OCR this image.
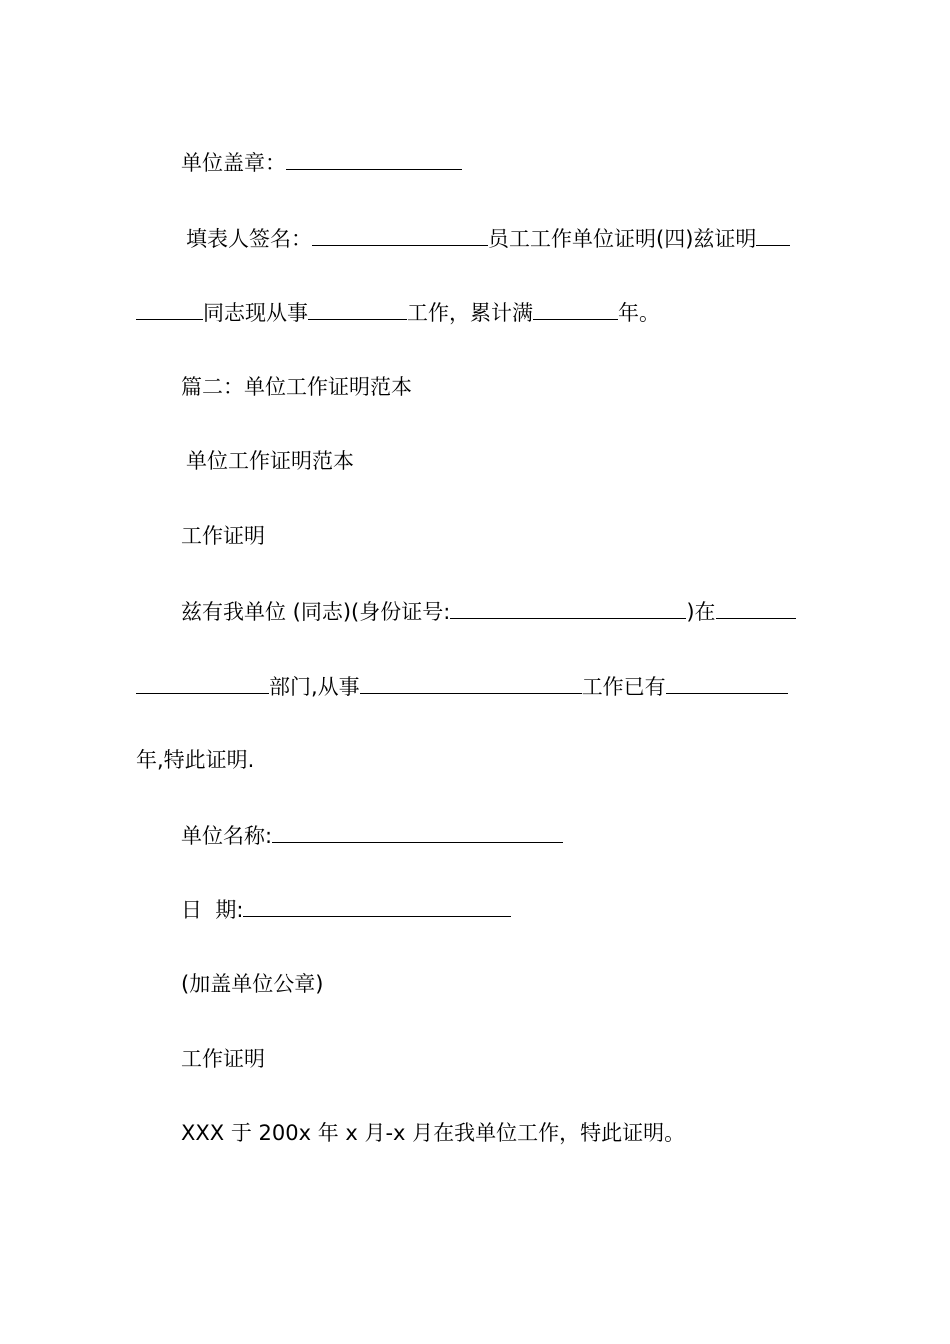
单位盖章：
填表人签名：	员工工作单位证明(四)兹证明
同志现从事	工作，累计满	年。
篇二：单位工作证明范本
单位工作证明范本
工作证明
兹有我单位 (同志)(身份证号:	)在
部门,从事	工作已有
年,特此证明.
单位名称:
日  期:
(加盖单位公章)
工作证明
XXX 于 200x 年 x 月-x 月在我单位工作，特此证明。
